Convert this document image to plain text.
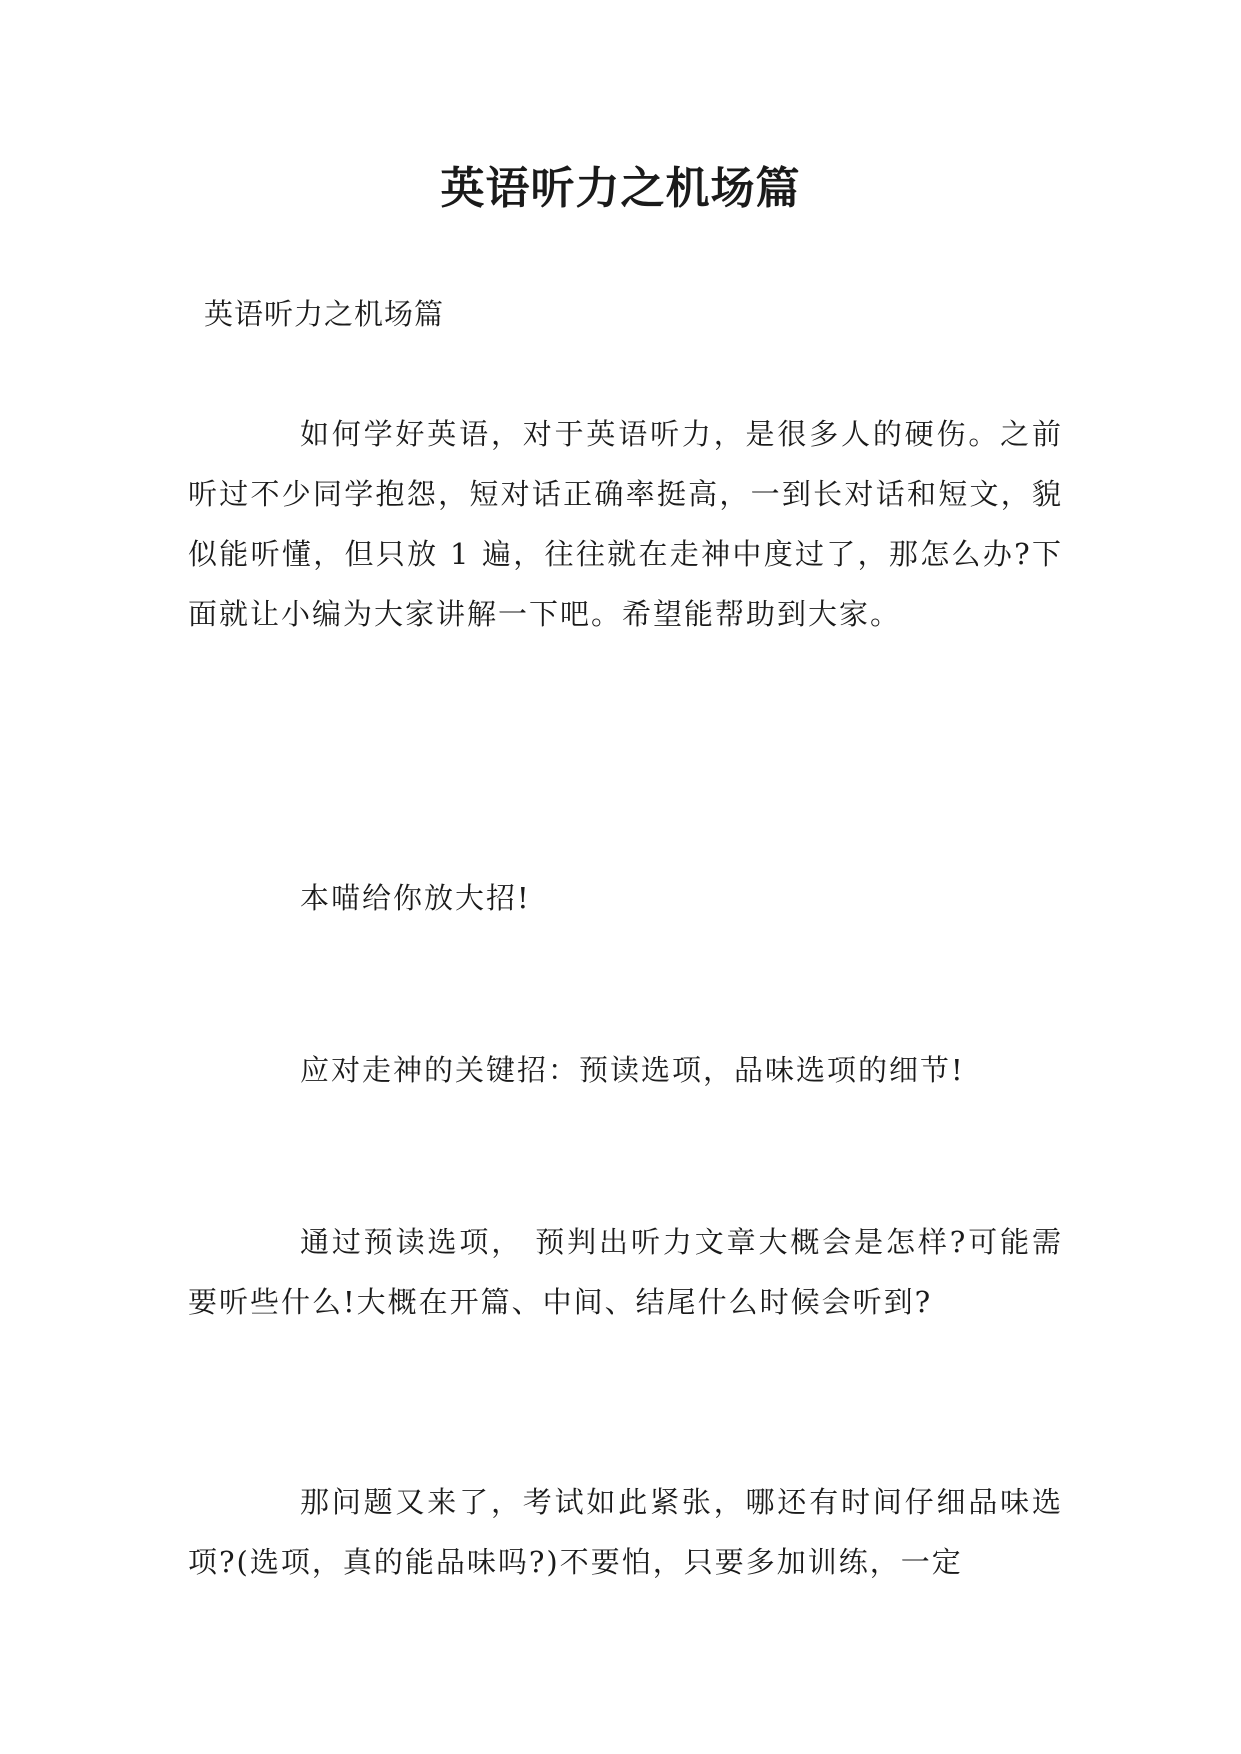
英语听力之机场篇

英语听力之机场篇

如何学好英语，对于英语听力，是很多人的硬伤。之前听过不少同学抱怨，短对话正确率挺高，一到长对话和短文，貌似能听懂，但只放 1 遍，往往就在走神中度过了，那怎么办?下面就让小编为大家讲解一下吧。希望能帮助到大家。

本喵给你放大招!

应对走神的关键招：预读选项，品味选项的细节!

通过预读选项， 预判出听力文章大概会是怎样?可能需要听些什么!大概在开篇、中间、结尾什么时候会听到?

那问题又来了，考试如此紧张，哪还有时间仔细品味选项?(选项，真的能品味吗?)不要怕，只要多加训练，一定
